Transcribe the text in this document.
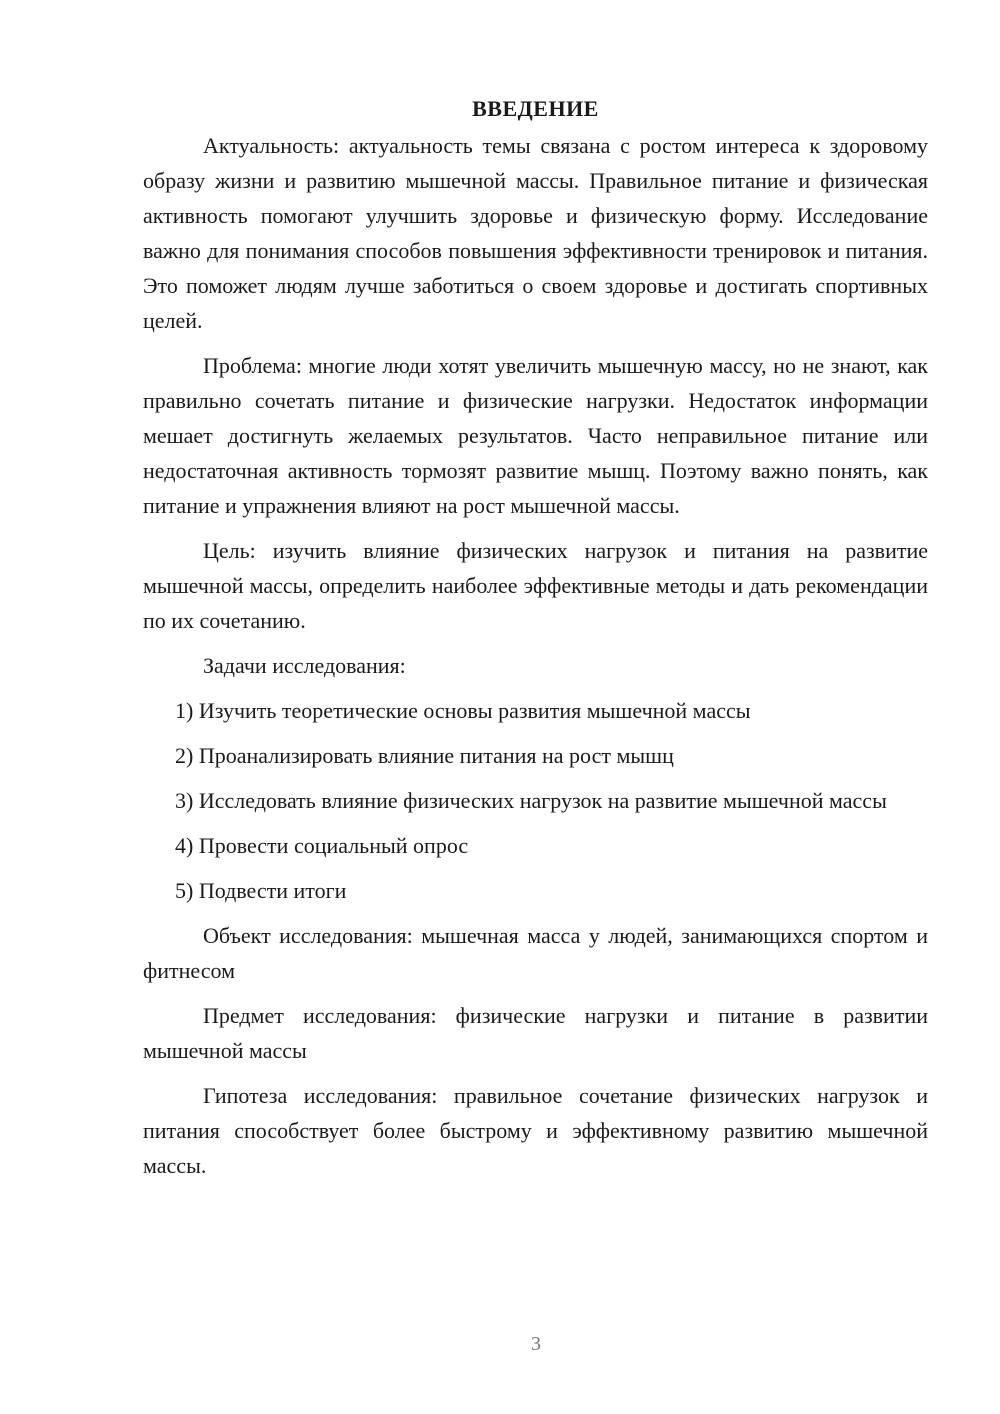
ВВЕДЕНИЕ

Актуальность: актуальность темы связана с ростом интереса к здоровому образу жизни и развитию мышечной массы. Правильное питание и физическая активность помогают улучшить здоровье и физическую форму. Исследование важно для понимания способов повышения эффективности тренировок и питания. Это поможет людям лучше заботиться о своем здоровье и достигать спортивных целей.

Проблема: многие люди хотят увеличить мышечную массу, но не знают, как правильно сочетать питание и физические нагрузки. Недостаток информации мешает достигнуть желаемых результатов. Часто неправильное питание или недостаточная активность тормозят развитие мышц. Поэтому важно понять, как питание и упражнения влияют на рост мышечной массы.

Цель: изучить влияние физических нагрузок и питания на развитие мышечной массы, определить наиболее эффективные методы и дать рекомендации по их сочетанию.

Задачи исследования:

1) Изучить теоретические основы развития мышечной массы

2) Проанализировать влияние питания на рост мышц

3) Исследовать влияние физических нагрузок на развитие мышечной массы

4) Провести социальный опрос

5) Подвести итоги

Объект исследования: мышечная масса у людей, занимающихся спортом и фитнесом

Предмет исследования: физические нагрузки и питание в развитии мышечной массы

Гипотеза исследования: правильное сочетание физических нагрузок и питания способствует более быстрому и эффективному развитию мышечной массы.

3
